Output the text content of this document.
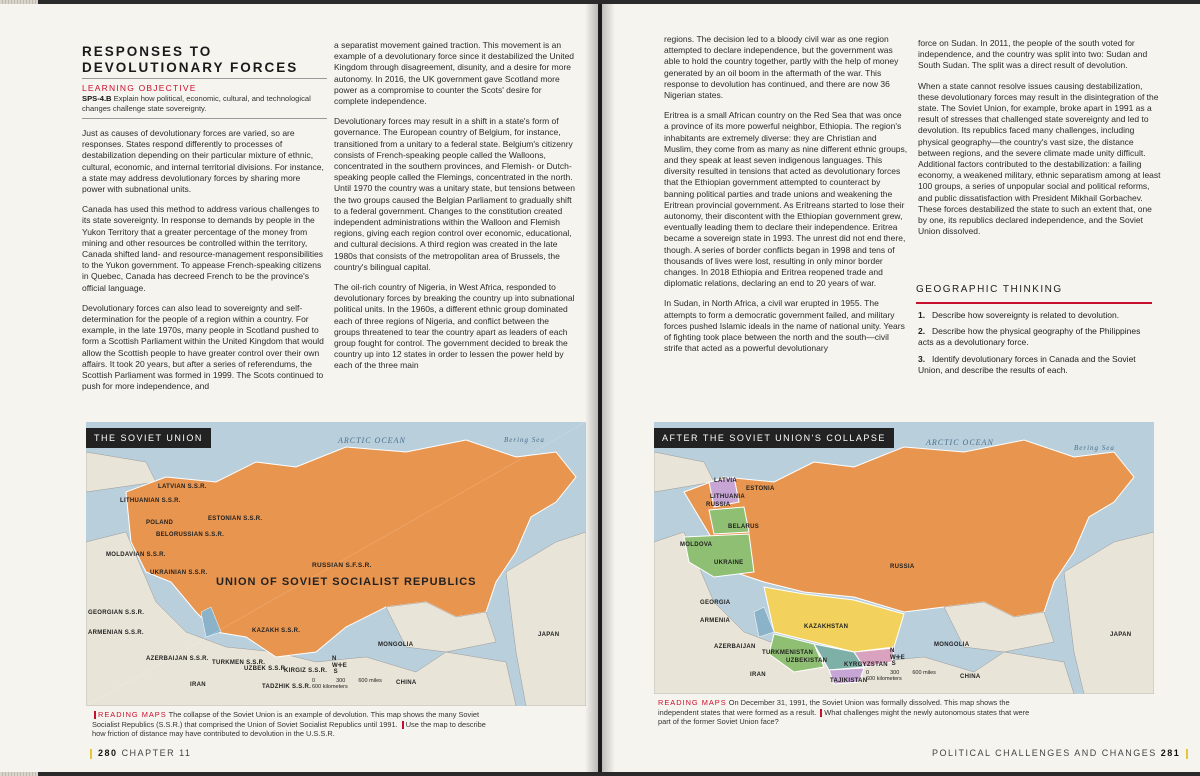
RESPONSES TO
DEVOLUTIONARY FORCES
LEARNING OBJECTIVE
SPS-4.B Explain how political, economic, cultural, and technological changes challenge state sovereignty.

Just as causes of devolutionary forces are varied, so are responses. States respond differently to processes of destabilization depending on their particular mixture of ethnic, cultural, economic, and internal territorial divisions. For instance, a state may address devolutionary forces by sharing more power with subnational units.

Canada has used this method to address various challenges to its state sovereignty. In response to demands by people in the Yukon Territory that a greater percentage of the money from mining and other resources be controlled within the territory, Canada shifted land- and resource-management responsibilities to the Yukon government. To appease French-speaking citizens in Quebec, Canada has decreed French to be the province's official language.

Devolutionary forces can also lead to sovereignty and self-determination for the people of a region within a country. For example, in the late 1970s, many people in Scotland pushed to form a Scottish Parliament within the United Kingdom that would allow the Scottish people to have greater control over their own affairs. It took 20 years, but after a series of referendums, the Scottish Parliament was formed in 1999. The Scots continued to push for more independence, and

a separatist movement gained traction. This movement is an example of a devolutionary force since it destabilized the United Kingdom through disagreement, disunity, and a desire for more autonomy. In 2016, the UK government gave Scotland more power as a compromise to counter the Scots' desire for complete independence.

Devolutionary forces may result in a shift in a state's form of governance. The European country of Belgium, for instance, transitioned from a unitary to a federal state. Belgium's citizenry consists of French-speaking people called the Walloons, concentrated in the southern provinces, and Flemish- or Dutch-speaking people called the Flemings, concentrated in the north. Until 1970 the country was a unitary state, but tensions between the two groups caused the Belgian Parliament to gradually shift to a federal government. Changes to the constitution created independent administrations within the Walloon and Flemish regions, giving each region control over economic, educational, and cultural decisions. A third region was created in the late 1980s that consists of the metropolitan area of Brussels, the country's bilingual capital.

The oil-rich country of Nigeria, in West Africa, responded to devolutionary forces by breaking the country up into subnational political units. In the 1960s, a different ethnic group dominated each of three regions of Nigeria, and conflict between the groups threatened to tear the country apart as leaders of each group fought for control. The government decided to break the country up into 12 states in order to lessen the power held by each of the three main

THE SOVIET UNION	ARCTIC OCEAN	Bering Sea
LATVIAN S.S.R.
LITHUANIAN S.S.R.
ESTONIAN S.S.R.
POLAND
BELORUSSIAN S.S.R.
MOLDAVIAN S.S.R.
UKRAINIAN S.S.R.
RUSSIAN S.F.S.R.
UNION OF SOVIET SOCIALIST REPUBLICS
GEORGIAN S.S.R.
ARMENIAN S.S.R.	KAZAKH S.S.R.
MONGOLIA
JAPAN
AZERBAIJAN S.S.R.
TURKMEN S.S.R.
UZBEK S.S.R.
KIRGIZ S.S.R.
TADZHIK S.S.R.
IRAN	CHINA
N
W✛E
S
0	300 600 miles
600 kilometers
READING MAPS The collapse of the Soviet Union is an example of devolution. This map shows the many Soviet Socialist Republics (S.S.R.) that comprised the Union of Soviet Socialist Republics until 1991. Use the map to describe how friction of distance may have contributed to devolution in the U.S.S.R.
280 CHAPTER 11

regions. The decision led to a bloody civil war as one region attempted to declare independence, but the government was able to hold the country together, partly with the help of money generated by an oil boom in the aftermath of the war. This response to devolution has continued, and there are now 36 Nigerian states.

Eritrea is a small African country on the Red Sea that was once a province of its more powerful neighbor, Ethiopia. The region's inhabitants are extremely diverse: they are Christian and Muslim, they come from as many as nine different ethnic groups, and they speak at least seven indigenous languages. This diversity resulted in tensions that acted as devolutionary forces that the Ethiopian government attempted to counteract by banning political parties and trade unions and weakening the Eritrean provincial government. As Eritreans started to lose their autonomy, their discontent with the Ethiopian government grew, eventually leading them to declare their independence. Eritrea became a sovereign state in 1993. The unrest did not end there, though. A series of border conflicts began in 1998 and tens of thousands of lives were lost, resulting in only minor border changes. In 2018 Ethiopia and Eritrea reopened trade and diplomatic relations, declaring an end to 20 years of war.

In Sudan, in North Africa, a civil war erupted in 1955. The attempts to form a democratic government failed, and military forces pushed Islamic ideals in the name of national unity. Years of fighting took place between the north and the south—civil strife that acted as a powerful devolutionary

force on Sudan. In 2011, the people of the south voted for independence, and the country was split into two: Sudan and South Sudan. The split was a direct result of devolution.

When a state cannot resolve issues causing destabilization, these devolutionary forces may result in the disintegration of the state. The Soviet Union, for example, broke apart in 1991 as a result of stresses that challenged state sovereignty and led to devolution. Its republics faced many challenges, including physical geography—the country's vast size, the distance between regions, and the severe climate made unity difficult. Additional factors contributed to the destabilization: a failing economy, a weakened military, ethnic separatism among at least 100 groups, a series of unpopular social and political reforms, and public dissatisfaction with President Mikhail Gorbachev. These forces destabilized the state to such an extent that, one by one, its republics declared independence, and the Soviet Union dissolved.

GEOGRAPHIC THINKING
1. Describe how sovereignty is related to devolution.
2. Describe how the physical geography of the Philippines acts as a devolutionary force.
3. Identify devolutionary forces in Canada and the Soviet Union, and describe the results of each.
AFTER THE SOVIET UNION'S COLLAPSE	ARCTIC OCEAN
Bering Sea
LATVIA
ESTONIA
LITHUANIA
RUSSIA
BELARUS
MOLDOVA
UKRAINE
RUSSIA
GEORGIA
ARMENIA
KAZAKHSTAN
AZERBAIJAN
TURKMENISTAN
UZBEKISTAN
KYRGYZSTAN
TAJIKISTAN
IRAN
MONGOLIA
CHINA
JAPAN
N
W✛E
S
0	300 600 miles
600 kilometers
READING MAPS On December 31, 1991, the Soviet Union was formally dissolved. This map shows the independent states that were formed as a result. What challenges might the newly autonomous states that were part of the former Soviet Union face?
POLITICAL CHALLENGES AND CHANGES 281
